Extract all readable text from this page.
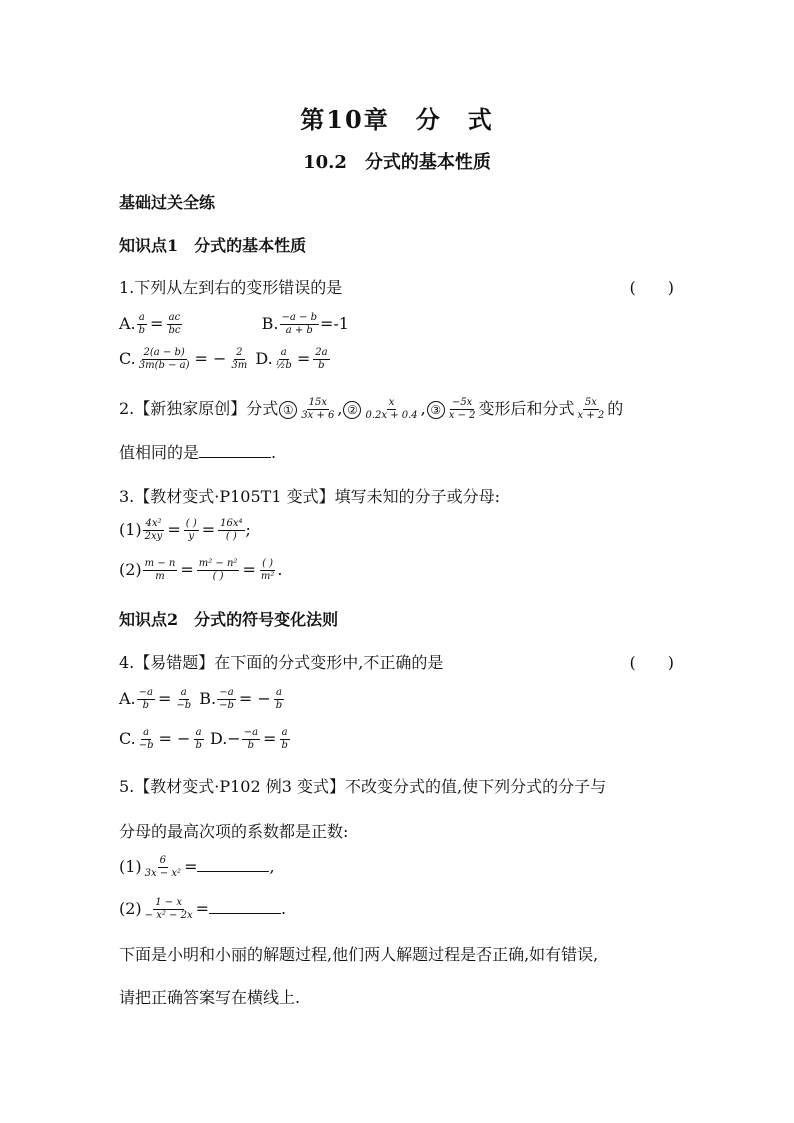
第10章　分　式
10.2　分式的基本性质
基础过关全练
知识点1　分式的基本性质
1.下列从左到右的变形错误的是	(　　)
A. $\frac{a}{b} = \frac{ac}{bc}$	B. $\frac{-a - b}{a + b} =-1$
C. $\frac{2(a - b)}{3m(b - a)}$ = − $\frac{2}{3m} D$. $\frac{a}{\text{½b}} = \frac{2a}{b}$
2.【新独家原创】分式 ① $\frac{15x}{3x + 6}$ , ② $\frac{x}{0.2x + 0.4}$ , ③ $\frac{-5x}{x - 2}$ 变形后和分式 $\frac{5x}{x + 2}$ 的
值相同的是	.
3.【教材变式·P105T1 变式】填写未知的分子或分母:
$(1) \frac{\text{4x²}}{2xy} = \frac{( )}{y} = \frac{\text{16x⁴}}{( )}$ ;
$(2) \frac{m - n}{m} = \frac{\text{m² − n²}}{( )} = \frac{( )}{\text{m²}}$ .
知识点2　分式的符号变化法则
4.【易错题】在下面的分式变形中,不正确的是	(　　)
A. $\frac{-a}{b} = \frac{a}{-b} B$. $\frac{-a}{-b}$ = − $\frac{a}{b}$
C. $\frac{a}{-b}$ = − $\frac{a}{b} D.- \frac{-a}{b} = \frac{a}{b}$
5.【教材变式·P102 例3 变式】不改变分式的值,使下列分式的分子与
分母的最高次项的系数都是正数:
$(1) \frac{6}{\text{3x − x²}}$ =	,
$(2) \frac{1 - x}{\text{− x² − 2x}}$ =	.
下面是小明和小丽的解题过程,他们两人解题过程是否正确,如有错误,
请把正确答案写在横线上.
